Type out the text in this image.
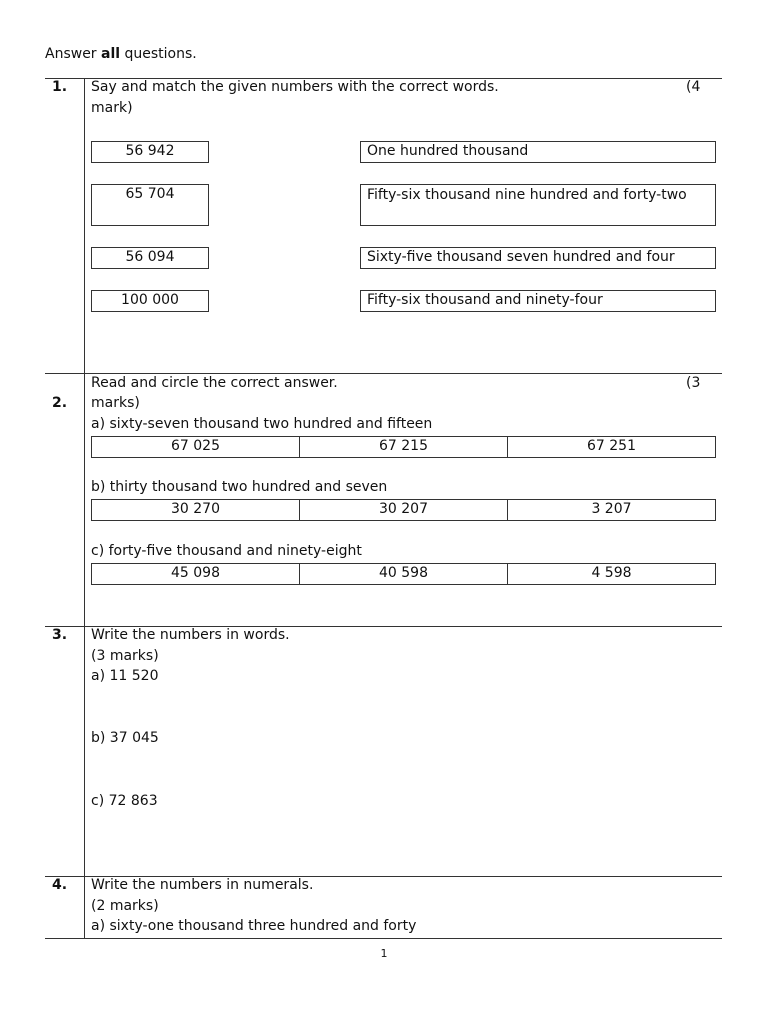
Answer all questions.
1. Say and match the given numbers with the correct words.	(4
mark)
56 942
65 704
56 094
100 000
One hundred thousand
Fifty-six thousand nine hundred and forty-two
Sixty-five thousand seven hundred and four
Fifty-six thousand and ninety-four
Read and circle the correct answer.	(3
2. marks)
a) sixty-seven thousand two hundred and fifteen
67 025	67 215	67 251
b) thirty thousand two hundred and seven
30 270	30 207	3 207
c) forty-five thousand and ninety-eight
45 098	40 598	4 598
3. Write the numbers in words.
(3 marks)
a) 11 520
b) 37 045
c) 72 863
4. Write the numbers in numerals.
(2 marks)
a) sixty-one thousand three hundred and forty
1
